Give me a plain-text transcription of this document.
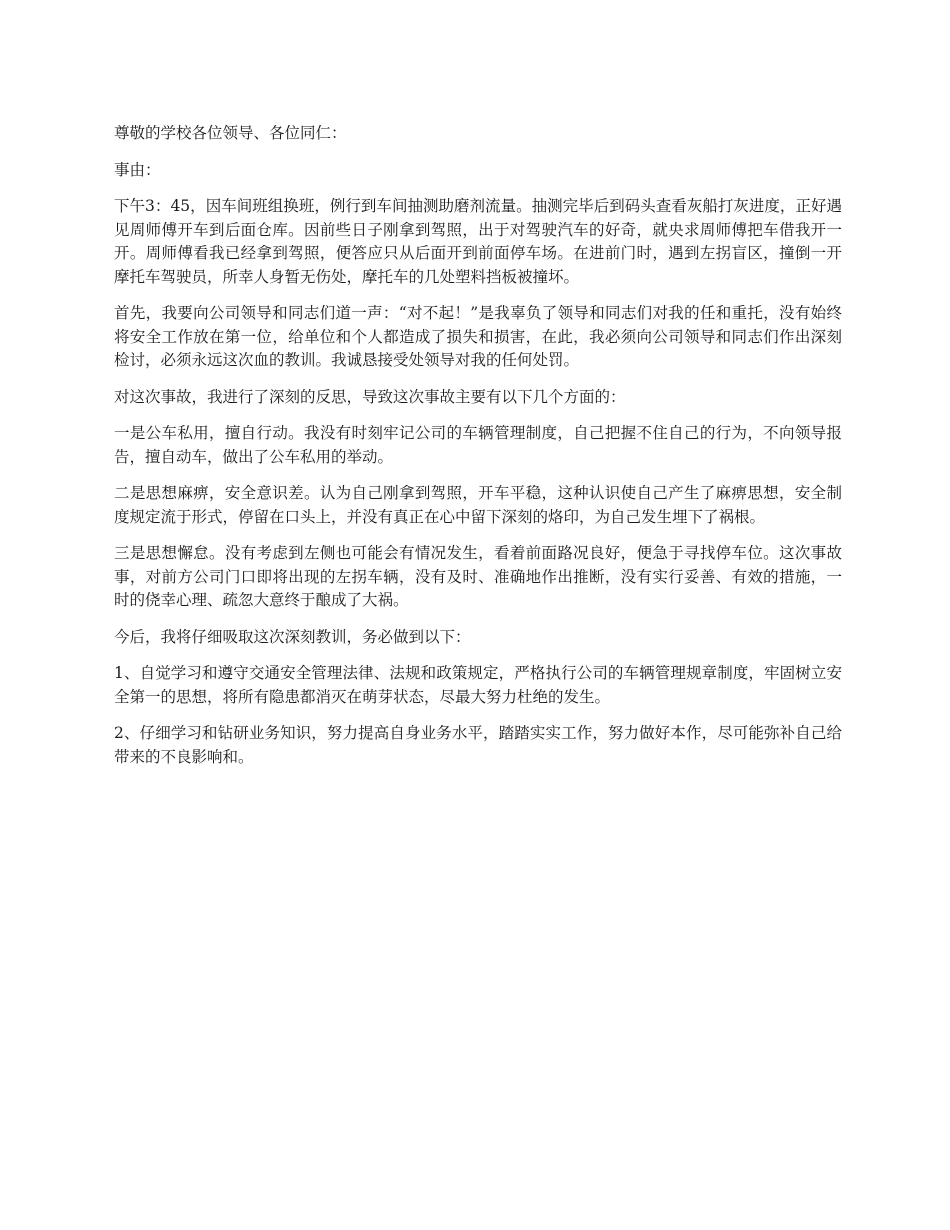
尊敬的学校各位领导、各位同仁：

事由：

下午3：45，因车间班组换班，例行到车间抽测助磨剂流量。抽测完毕后到码头查看灰船打灰进度，正好遇见周师傅开车到后面仓库。因前些日子刚拿到驾照，出于对驾驶汽车的好奇，就央求周师傅把车借我开一开。周师傅看我已经拿到驾照，便答应只从后面开到前面停车场。在进前门时，遇到左拐盲区，撞倒一开摩托车驾驶员，所幸人身暂无伤处，摩托车的几处塑料挡板被撞坏。

首先，我要向公司领导和同志们道一声：“对不起！”是我辜负了领导和同志们对我的任和重托，没有始终将安全工作放在第一位，给单位和个人都造成了损失和损害，在此，我必须向公司领导和同志们作出深刻检讨，必须永远这次血的教训。我诚恳接受处领导对我的任何处罚。

对这次事故，我进行了深刻的反思，导致这次事故主要有以下几个方面的：

一是公车私用，擅自行动。我没有时刻牢记公司的车辆管理制度，自己把握不住自己的行为，不向领导报告，擅自动车，做出了公车私用的举动。

二是思想麻痹，安全意识差。认为自己刚拿到驾照，开车平稳，这种认识使自己产生了麻痹思想，安全制度规定流于形式，停留在口头上，并没有真正在心中留下深刻的烙印，为自己发生埋下了祸根。

三是思想懈怠。没有考虑到左侧也可能会有情况发生，看着前面路况良好，便急于寻找停车位。这次事故事，对前方公司门口即将出现的左拐车辆，没有及时、准确地作出推断，没有实行妥善、有效的措施，一时的侥幸心理、疏忽大意终于酿成了大祸。

今后，我将仔细吸取这次深刻教训，务必做到以下：

1、自觉学习和遵守交通安全管理法律、法规和政策规定，严格执行公司的车辆管理规章制度，牢固树立安全第一的思想，将所有隐患都消灭在萌芽状态，尽最大努力杜绝的发生。

2、仔细学习和钻研业务知识，努力提高自身业务水平，踏踏实实工作，努力做好本作，尽可能弥补自己给带来的不良影响和。
